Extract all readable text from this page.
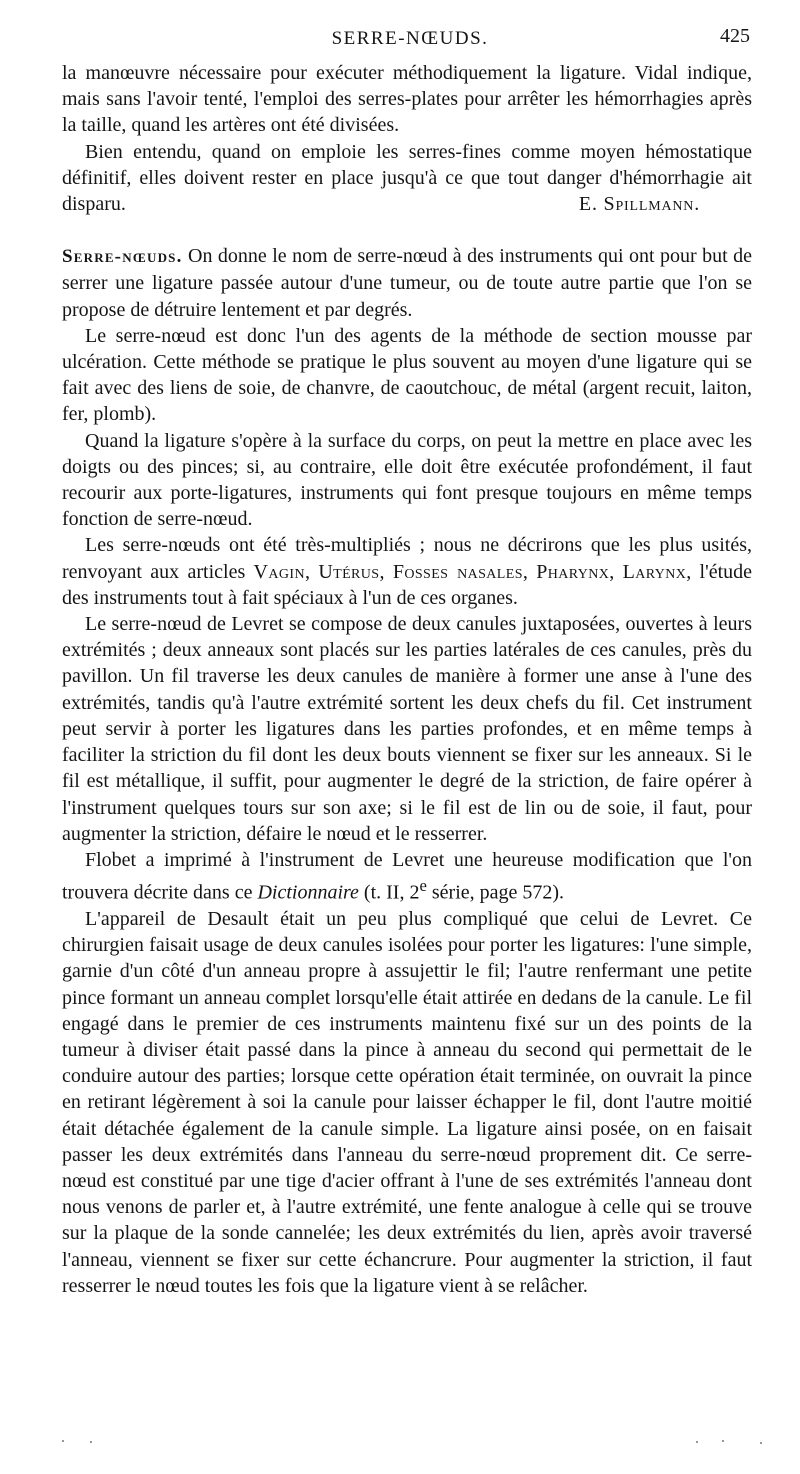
SERRE-NŒUDS.	425

la manœuvre nécessaire pour exécuter méthodiquement la ligature. Vidal indique, mais sans l'avoir tenté, l'emploi des serres-plates pour arrêter les hémorrhagies après la taille, quand les artères ont été divisées.

Bien entendu, quand on emploie les serres-fines comme moyen hémostatique définitif, elles doivent rester en place jusqu'à ce que tout danger d'hémorrhagie ait disparu.	E. Spillmann.

Serre-nœuds. On donne le nom de serre-nœud à des instruments qui ont pour but de serrer une ligature passée autour d'une tumeur, ou de toute autre partie que l'on se propose de détruire lentement et par degrés.

Le serre-nœud est donc l'un des agents de la méthode de section mousse par ulcération. Cette méthode se pratique le plus souvent au moyen d'une ligature qui se fait avec des liens de soie, de chanvre, de caoutchouc, de métal (argent recuit, laiton, fer, plomb).

Quand la ligature s'opère à la surface du corps, on peut la mettre en place avec les doigts ou des pinces; si, au contraire, elle doit être exécutée profondément, il faut recourir aux porte-ligatures, instruments qui font presque toujours en même temps fonction de serre-nœud.

Les serre-nœuds ont été très-multipliés ; nous ne décrirons que les plus usités, renvoyant aux articles Vagin, Utérus, Fosses nasales, Pharynx, Larynx, l'étude des instruments tout à fait spéciaux à l'un de ces organes.

Le serre-nœud de Levret se compose de deux canules juxtaposées, ouvertes à leurs extrémités ; deux anneaux sont placés sur les parties latérales de ces canules, près du pavillon. Un fil traverse les deux canules de manière à former une anse à l'une des extrémités, tandis qu'à l'autre extrémité sortent les deux chefs du fil. Cet instrument peut servir à porter les ligatures dans les parties profondes, et en même temps à faciliter la striction du fil dont les deux bouts viennent se fixer sur les anneaux. Si le fil est métallique, il suffit, pour augmenter le degré de la striction, de faire opérer à l'instrument quelques tours sur son axe; si le fil est de lin ou de soie, il faut, pour augmenter la striction, défaire le nœud et le resserrer.

Flobet a imprimé à l'instrument de Levret une heureuse modification que l'on trouvera décrite dans ce Dictionnaire (t. II, 2e série, page 572).

L'appareil de Desault était un peu plus compliqué que celui de Levret. Ce chirurgien faisait usage de deux canules isolées pour porter les ligatures: l'une simple, garnie d'un côté d'un anneau propre à assujettir le fil; l'autre renfermant une petite pince formant un anneau complet lorsqu'elle était attirée en dedans de la canule. Le fil engagé dans le premier de ces instruments maintenu fixé sur un des points de la tumeur à diviser était passé dans la pince à anneau du second qui permettait de le conduire autour des parties; lorsque cette opération était terminée, on ouvrait la pince en retirant légèrement à soi la canule pour laisser échapper le fil, dont l'autre moitié était détachée également de la canule simple. La ligature ainsi posée, on en faisait passer les deux extrémités dans l'anneau du serre-nœud proprement dit. Ce serre-nœud est constitué par une tige d'acier offrant à l'une de ses extrémités l'anneau dont nous venons de parler et, à l'autre extrémité, une fente analogue à celle qui se trouve sur la plaque de la sonde cannelée; les deux extrémités du lien, après avoir traversé l'anneau, viennent se fixer sur cette échancrure. Pour augmenter la striction, il faut resserrer le nœud toutes les fois que la ligature vient à se relâcher.
